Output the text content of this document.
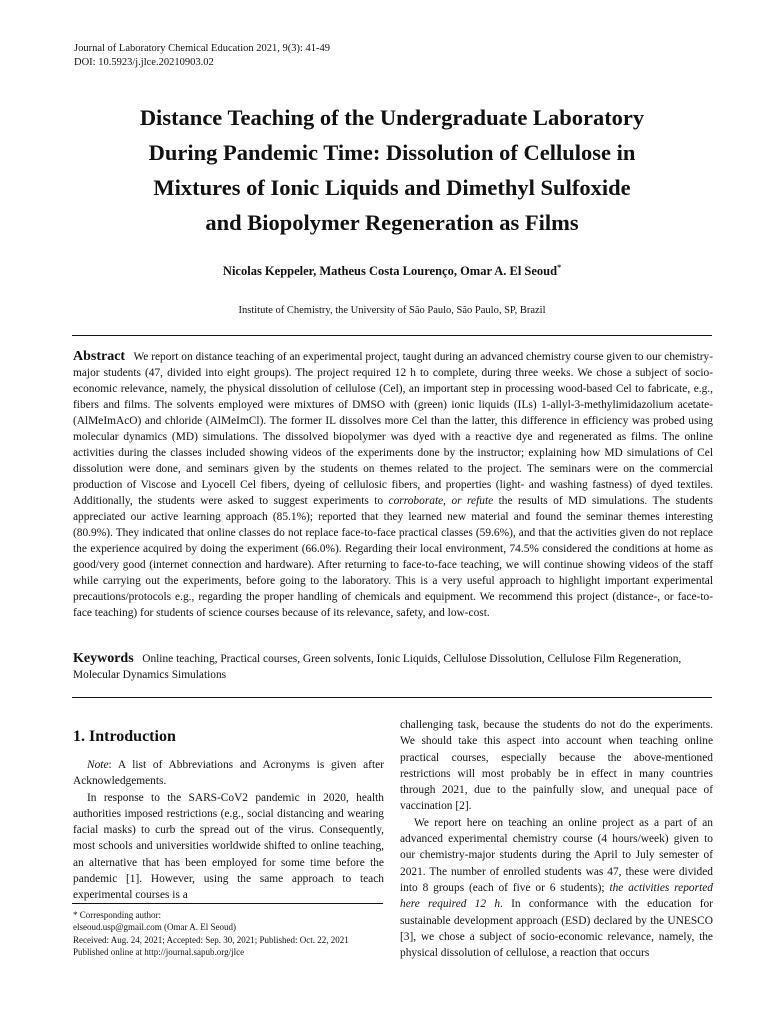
Journal of Laboratory Chemical Education 2021, 9(3): 41-49
DOI: 10.5923/j.jlce.20210903.02
Distance Teaching of the Undergraduate Laboratory
During Pandemic Time: Dissolution of Cellulose in
Mixtures of Ionic Liquids and Dimethyl Sulfoxide
and Biopolymer Regeneration as Films
Nicolas Keppeler, Matheus Costa Lourenço, Omar A. El Seoud*
Institute of Chemistry, the University of São Paulo, São Paulo, SP, Brazil
Abstract We report on distance teaching of an experimental project, taught during an advanced chemistry course given to our chemistry-major students (47, divided into eight groups). The project required 12 h to complete, during three weeks. We chose a subject of socio-economic relevance, namely, the physical dissolution of cellulose (Cel), an important step in processing wood-based Cel to fabricate, e.g., fibers and films. The solvents employed were mixtures of DMSO with (green) ionic liquids (ILs) 1-allyl-3-methylimidazolium acetate- (AlMeImAcO) and chloride (AlMeImCl). The former IL dissolves more Cel than the latter, this difference in efficiency was probed using molecular dynamics (MD) simulations. The dissolved biopolymer was dyed with a reactive dye and regenerated as films. The online activities during the classes included showing videos of the experiments done by the instructor; explaining how MD simulations of Cel dissolution were done, and seminars given by the students on themes related to the project. The seminars were on the commercial production of Viscose and Lyocell Cel fibers, dyeing of cellulosic fibers, and properties (light- and washing fastness) of dyed textiles. Additionally, the students were asked to suggest experiments to corroborate, or refute the results of MD simulations. The students appreciated our active learning approach (85.1%); reported that they learned new material and found the seminar themes interesting (80.9%). They indicated that online classes do not replace face-to-face practical classes (59.6%), and that the activities given do not replace the experience acquired by doing the experiment (66.0%). Regarding their local environment, 74.5% considered the conditions at home as good/very good (internet connection and hardware). After returning to face-to-face teaching, we will continue showing videos of the staff while carrying out the experiments, before going to the laboratory. This is a very useful approach to highlight important experimental precautions/protocols e.g., regarding the proper handling of chemicals and equipment. We recommend this project (distance-, or face-to-face teaching) for students of science courses because of its relevance, safety, and low-cost.
Keywords Online teaching, Practical courses, Green solvents, Ionic Liquids, Cellulose Dissolution, Cellulose Film Regeneration, Molecular Dynamics Simulations
1. Introduction

Note: A list of Abbreviations and Acronyms is given after Acknowledgements.

In response to the SARS-CoV2 pandemic in 2020, health authorities imposed restrictions (e.g., social distancing and wearing facial masks) to curb the spread out of the virus. Consequently, most schools and universities worldwide shifted to online teaching, an alternative that has been employed for some time before the pandemic [1]. However, using the same approach to teach experimental courses is a

* Corresponding author:
elseoud.usp@gmail.com (Omar A. El Seoud)
Received: Aug. 24, 2021; Accepted: Sep. 30, 2021; Published: Oct. 22, 2021
Published online at http://journal.sapub.org/jlce

challenging task, because the students do not do the experiments. We should take this aspect into account when teaching online practical courses, especially because the above-mentioned restrictions will most probably be in effect in many countries through 2021, due to the painfully slow, and unequal pace of vaccination [2].

We report here on teaching an online project as a part of an advanced experimental chemistry course (4 hours/week) given to our chemistry-major students during the April to July semester of 2021. The number of enrolled students was 47, these were divided into 8 groups (each of five or 6 students); the activities reported here required 12 h. In conformance with the education for sustainable development approach (ESD) declared by the UNESCO [3], we chose a subject of socio-economic relevance, namely, the physical dissolution of cellulose, a reaction that occurs
